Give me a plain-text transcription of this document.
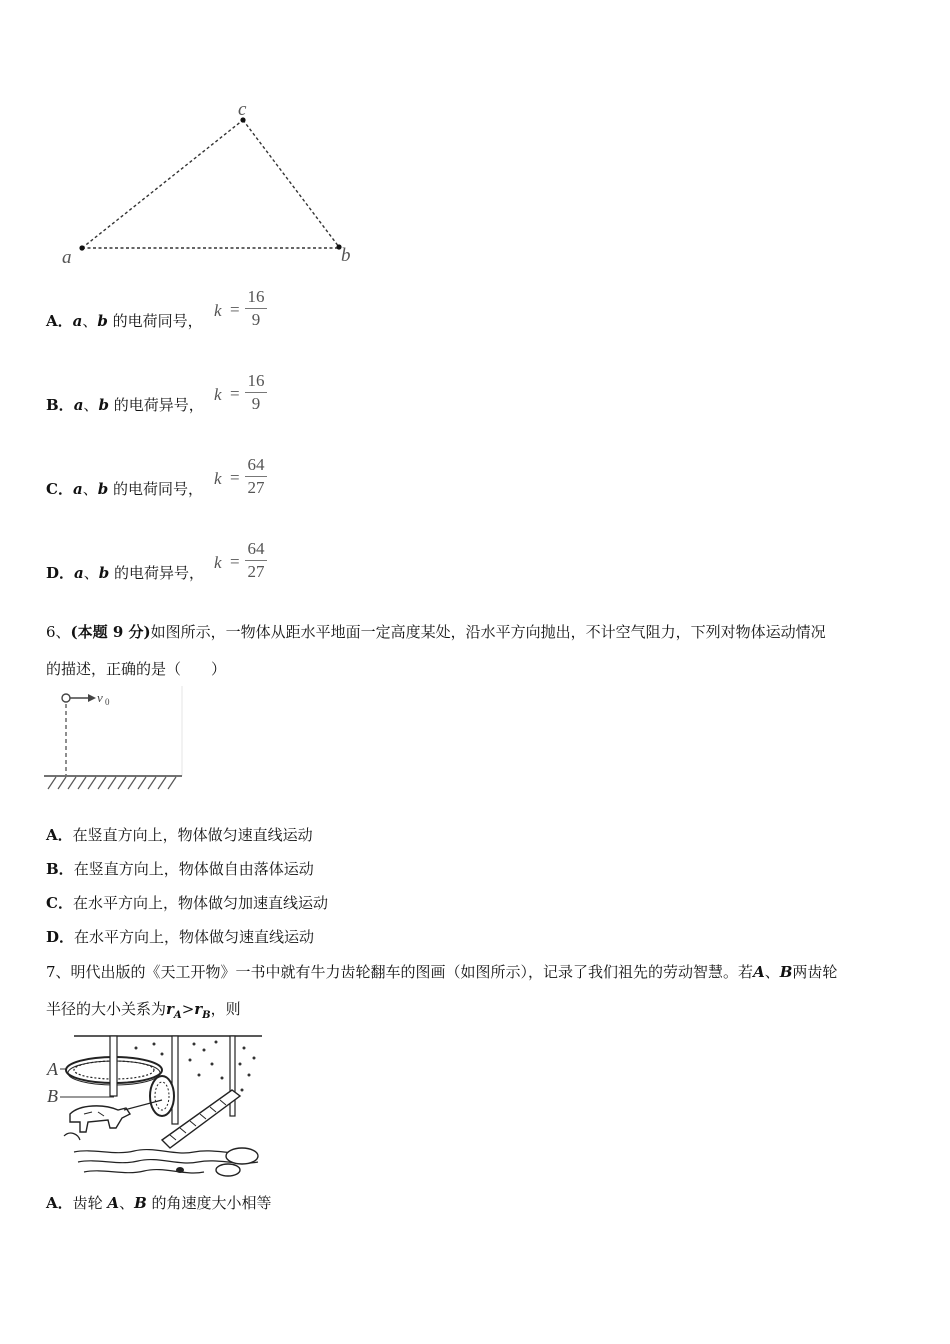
a	b
c
A．a、b 的电荷同号，
k =
16
9
B．a、b 的电荷异号，
k =
16
9
C．a、b 的电荷同号，
k =
64
27
D．a、b 的电荷异号，
k =
64
27
6、(本题 9 分)如图所示，一物体从距水平地面一定高度某处，沿水平方向抛出，不计空气阻力，下列对物体运动情况
的描述，正确的是（　　）
v 0
A．在竖直方向上，物体做匀速直线运动
B．在竖直方向上，物体做自由落体运动
C．在水平方向上，物体做匀加速直线运动
D．在水平方向上，物体做匀速直线运动
7、明代出版的《天工开物》一书中就有牛力齿轮翻车的图画（如图所示），记录了我们祖先的劳动智慧。若A、B两齿轮
半径的大小关系为$r_A>r_B$，则
A
B
A．齿轮 A、B 的角速度大小相等
